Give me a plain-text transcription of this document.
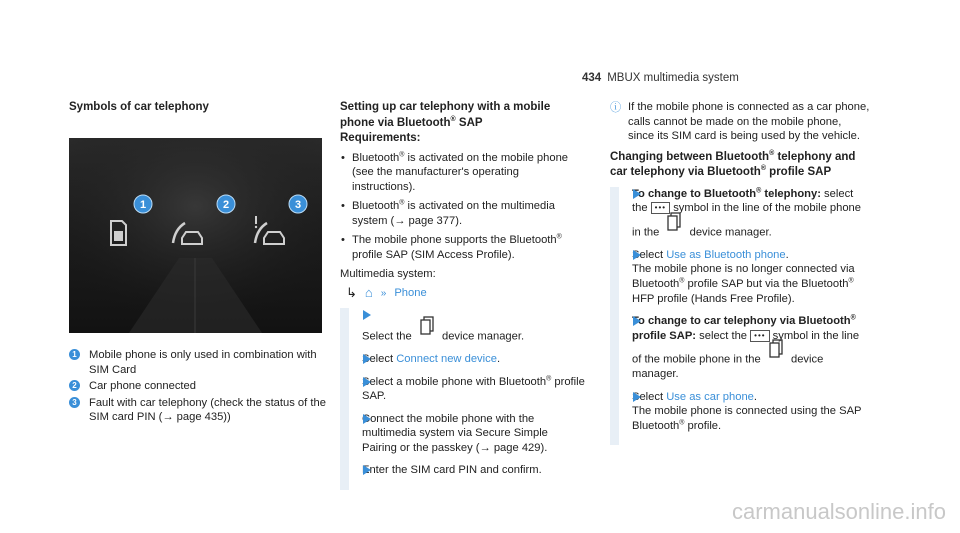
434 MBUX multimedia system
Symbols of car telephony
1	2	3
1 Mobile phone is only used in combination with SIM Card
2 Car phone connected
3 Fault with car telephony (check the status of the SIM card PIN (→ page 435))
Setting up car telephony with a mobile phone via Bluetooth® SAP
Requirements:
• Bluetooth® is activated on the mobile phone (see the manufacturer's operating instructions).
• Bluetooth® is activated on the multimedia system (→ page 377).
• The mobile phone supports the Bluetooth® profile SAP (SIM Access Profile).
Multimedia system:
↳ ⌂ » Phone
Select the	device manager.
Select Connect new device.
Select a mobile phone with Bluetooth® profile SAP.
Connect the mobile phone with the multimedia system via Secure Simple Pairing or the passkey (→ page 429).
Enter the SIM card PIN and confirm.
ⓘ If the mobile phone is connected as a car phone, calls cannot be made on the mobile phone, since its SIM card is being used by the vehicle.
Changing between Bluetooth® telephony and car telephony via Bluetooth® profile SAP
To change to Bluetooth® telephony: select the ••• symbol in the line of the mobile phone in the	device manager.
Select Use as Bluetooth phone.
The mobile phone is no longer connected via Bluetooth® profile SAP but via the Bluetooth® HFP profile (Hands Free Profile).
To change to car telephony via Bluetooth® profile SAP: select the ••• symbol in the line of the mobile phone in the	device manager.
Select Use as car phone.
The mobile phone is connected using the SAP Bluetooth® profile.
carmanualsonline.info
